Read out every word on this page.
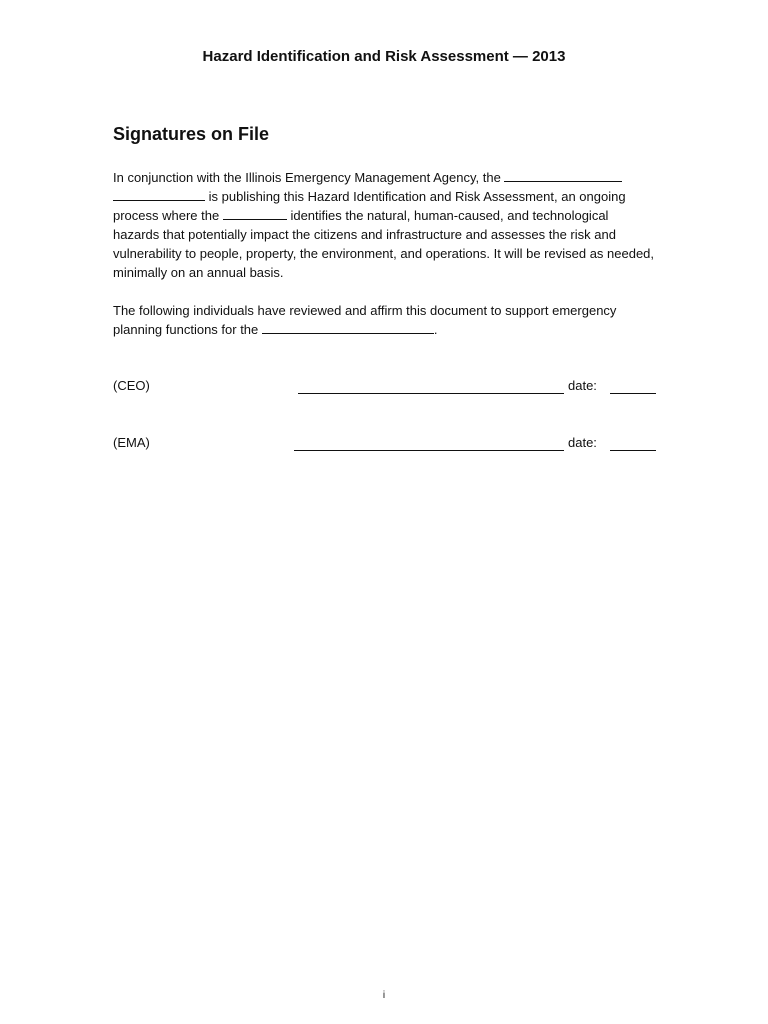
Hazard Identification and Risk Assessment — 2013
Signatures on File
In conjunction with the Illinois Emergency Management Agency, the
is publishing this Hazard Identification and Risk Assessment, an ongoing process where the	identifies the natural, human-caused, and technological hazards that potentially impact the citizens and infrastructure and assesses the risk and vulnerability to people, property, the environment, and operations. It will be revised as needed, minimally on an annual basis.
The following individuals have reviewed and affirm this document to support emergency planning functions for the	.
(CEO)	date:
(EMA)	date:
i
